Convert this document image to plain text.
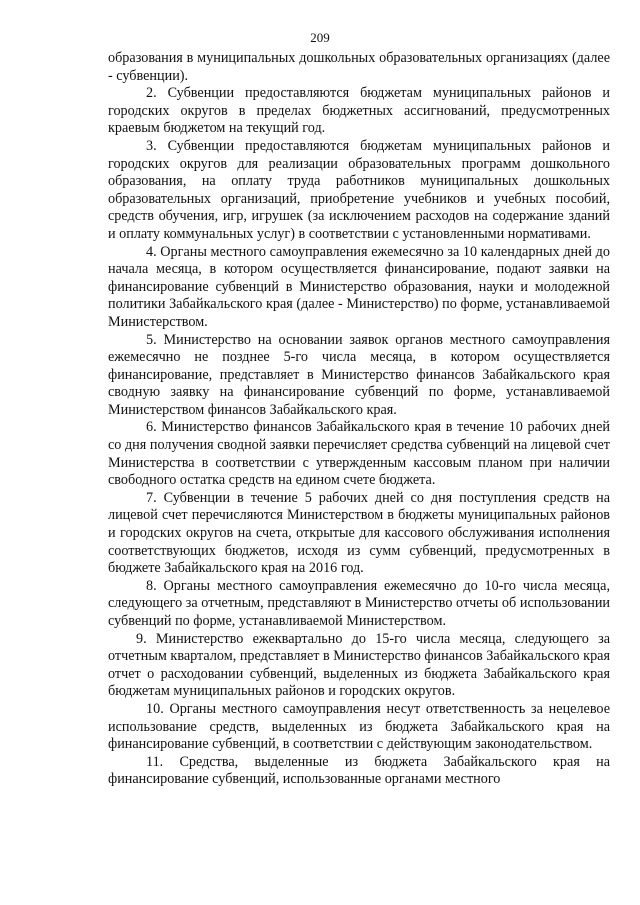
209

образования в муниципальных дошкольных образовательных организациях (далее - субвенции).

2. Субвенции предоставляются бюджетам муниципальных районов и городских округов в пределах бюджетных ассигнований, предусмотренных краевым бюджетом на текущий год.

3. Субвенции предоставляются бюджетам муниципальных районов и городских округов для реализации образовательных программ дошкольного образования, на оплату труда работников муниципальных дошкольных образовательных организаций, приобретение учебников и учебных пособий, средств обучения, игр, игрушек (за исключением расходов на содержание зданий и оплату коммунальных услуг) в соответствии с установленными нормативами.

4. Органы местного самоуправления ежемесячно за 10 календарных дней до начала месяца, в котором осуществляется финансирование, подают заявки на финансирование субвенций в Министерство образования, науки и молодежной политики Забайкальского края (далее - Министерство) по форме, устанавливаемой Министерством.

5. Министерство на основании заявок органов местного самоуправления ежемесячно не позднее 5-го числа месяца, в котором осуществляется финансирование, представляет в Министерство финансов Забайкальского края сводную заявку на финансирование субвенций по форме, устанавливаемой Министерством финансов Забайкальского края.

6. Министерство финансов Забайкальского края в течение 10 рабочих дней со дня получения сводной заявки перечисляет средства субвенций на лицевой счет Министерства в соответствии с утвержденным кассовым планом при наличии свободного остатка средств на едином счете бюджета.

7. Субвенции в течение 5 рабочих дней со дня поступления средств на лицевой счет перечисляются Министерством в бюджеты муниципальных районов и городских округов на счета, открытые для кассового обслуживания исполнения соответствующих бюджетов, исходя из сумм субвенций, предусмотренных в бюджете Забайкальского края на 2016 год.

8. Органы местного самоуправления ежемесячно до 10-го числа месяца, следующего за отчетным, представляют в Министерство отчеты об использовании субвенций по форме, устанавливаемой Министерством.

9. Министерство ежеквартально до 15-го числа месяца, следующего за отчетным кварталом, представляет в Министерство финансов Забайкальского края отчет о расходовании субвенций, выделенных из бюджета Забайкальского края бюджетам муниципальных районов и городских округов.

10. Органы местного самоуправления несут ответственность за нецелевое использование средств, выделенных из бюджета Забайкальского края на финансирование субвенций, в соответствии с действующим законодательством.

11. Средства, выделенные из бюджета Забайкальского края на финансирование субвенций, использованные органами местного
